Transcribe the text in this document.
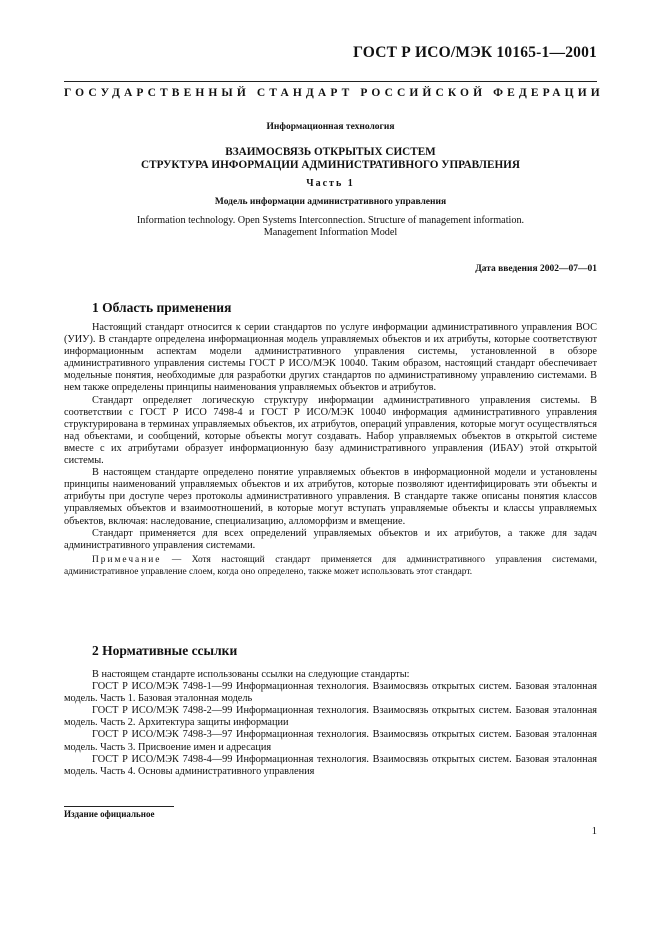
ГОСТ Р ИСО/МЭК 10165-1—2001
ГОСУДАРСТВЕННЫЙ СТАНДАРТ РОССИЙСКОЙ ФЕДЕРАЦИИ
Информационная технология
ВЗАИМОСВЯЗЬ ОТКРЫТЫХ СИСТЕМ
СТРУКТУРА ИНФОРМАЦИИ АДМИНИСТРАТИВНОГО УПРАВЛЕНИЯ
Часть 1
Модель информации административного управления
Information technology. Open Systems Interconnection. Structure of management information.
Management Information Model
Дата введения 2002—07—01
1 Область применения

Настоящий стандарт относится к серии стандартов по услуге информации административного управления ВОС (УИУ). В стандарте определена информационная модель управляемых объектов и их атрибуты, которые соответствуют информационным аспектам модели административного управления системы, установленной в обзоре административного управления системы ГОСТ Р ИСО/МЭК 10040. Таким образом, настоящий стандарт обеспечивает модельные понятия, необходимые для разработки других стандартов по административному управлению системами. В нем также определены принципы наименования управляемых объектов и атрибутов.

Стандарт определяет логическую структуру информации административного управления системы. В соответствии с ГОСТ Р ИСО 7498-4 и ГОСТ Р ИСО/МЭК 10040 информация административного управления структурирована в терминах управляемых объектов, их атрибутов, операций управления, которые могут осуществляться над объектами, и сообщений, которые объекты могут создавать. Набор управляемых объектов в открытой системе вместе с их атрибутами образует информационную базу административного управления (ИБАУ) этой открытой системы.

В настоящем стандарте определено понятие управляемых объектов в информационной модели и установлены принципы наименований управляемых объектов и их атрибутов, которые позволяют идентифицировать эти объекты и атрибуты при доступе через протоколы административного управления. В стандарте также описаны понятия классов управляемых объектов и взаимоотношений, в которые могут вступать управляемые объекты и классы управляемых объектов, включая: наследование, специализацию, алломорфизм и вмещение.

Стандарт применяется для всех определений управляемых объектов и их атрибутов, а также для задач административного управления системами.

Примечание — Хотя настоящий стандарт применяется для административного управления системами, административное управление слоем, когда оно определено, также может использовать этот стандарт.

2 Нормативные ссылки

В настоящем стандарте использованы ссылки на следующие стандарты:

ГОСТ Р ИСО/МЭК 7498-1—99 Информационная технология. Взаимосвязь открытых систем. Базовая эталонная модель. Часть 1. Базовая эталонная модель

ГОСТ Р ИСО/МЭК 7498-2—99 Информационная технология. Взаимосвязь открытых систем. Базовая эталонная модель. Часть 2. Архитектура защиты информации

ГОСТ Р ИСО/МЭК 7498-3—97 Информационная технология. Взаимосвязь открытых систем. Базовая эталонная модель. Часть 3. Присвоение имен и адресация

ГОСТ Р ИСО/МЭК 7498-4—99 Информационная технология. Взаимосвязь открытых систем. Базовая эталонная модель. Часть 4. Основы административного управления

Издание официальное
1
